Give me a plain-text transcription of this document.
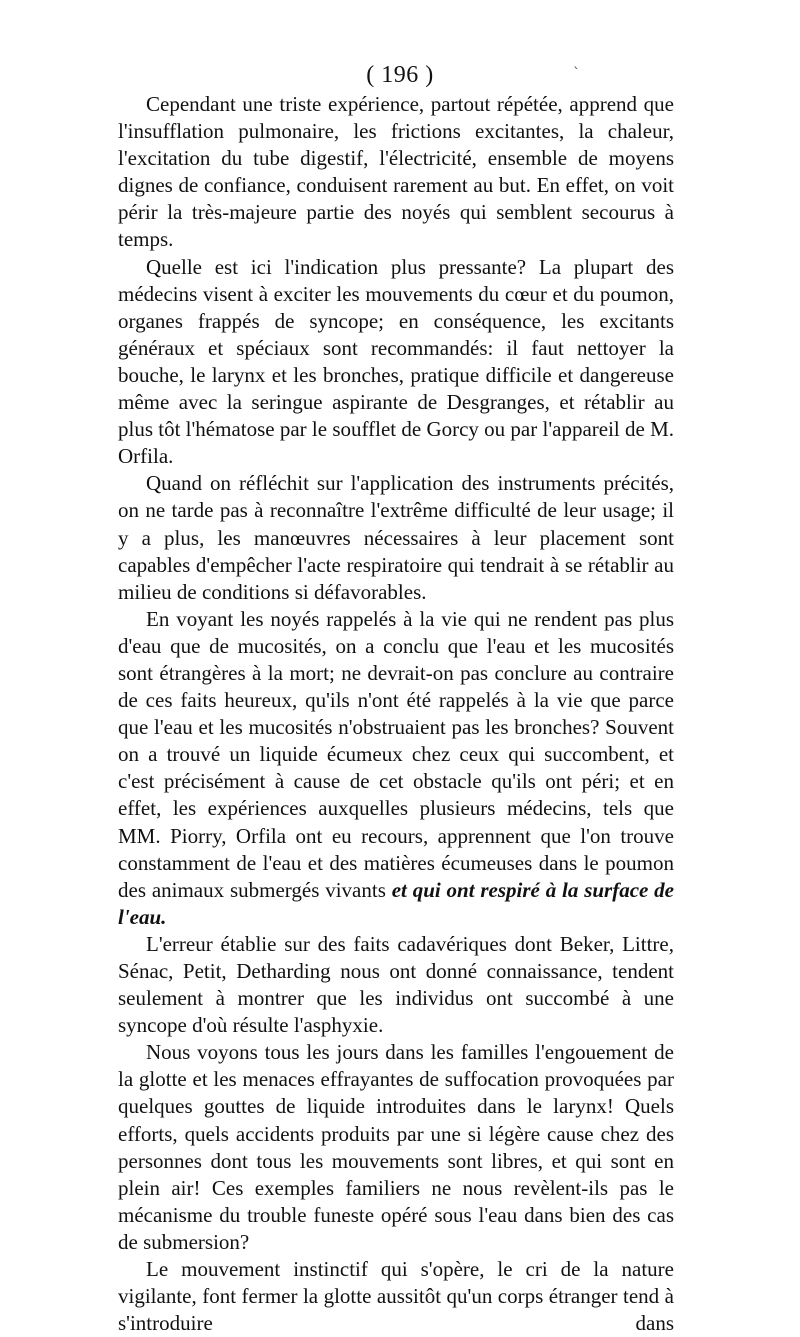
( 196 )	`

Cependant une triste expérience, partout répétée, apprend que l'insufflation pulmonaire, les frictions excitantes, la chaleur, l'excitation du tube digestif, l'électricité, ensemble de moyens dignes de confiance, conduisent rarement au but. En effet, on voit périr la très-majeure partie des noyés qui semblent secourus à temps.

Quelle est ici l'indication plus pressante? La plupart des médecins visent à exciter les mouvements du cœur et du poumon, organes frappés de syncope; en conséquence, les excitants généraux et spéciaux sont recommandés: il faut nettoyer la bouche, le larynx et les bronches, pratique difficile et dangereuse même avec la seringue aspirante de Desgranges, et rétablir au plus tôt l'hématose par le soufflet de Gorcy ou par l'appareil de M. Orfila.

Quand on réfléchit sur l'application des instruments précités, on ne tarde pas à reconnaître l'extrême difficulté de leur usage; il y a plus, les manœuvres nécessaires à leur placement sont capables d'empêcher l'acte respiratoire qui tendrait à se rétablir au milieu de conditions si défavorables.

En voyant les noyés rappelés à la vie qui ne rendent pas plus d'eau que de mucosités, on a conclu que l'eau et les mucosités sont étrangères à la mort; ne devrait-on pas conclure au contraire de ces faits heureux, qu'ils n'ont été rappelés à la vie que parce que l'eau et les mucosités n'obstruaient pas les bronches? Souvent on a trouvé un liquide écumeux chez ceux qui succombent, et c'est précisément à cause de cet obstacle qu'ils ont péri; et en effet, les expériences auxquelles plusieurs médecins, tels que MM. Piorry, Orfila ont eu recours, apprennent que l'on trouve constamment de l'eau et des matières écumeuses dans le poumon des animaux submergés vivants et qui ont respiré à la surface de l'eau.

L'erreur établie sur des faits cadavériques dont Beker, Littre, Sénac, Petit, Detharding nous ont donné connaissance, tendent seulement à montrer que les individus ont succombé à une syncope d'où résulte l'asphyxie.

Nous voyons tous les jours dans les familles l'engouement de la glotte et les menaces effrayantes de suffocation provoquées par quelques gouttes de liquide introduites dans le larynx! Quels efforts, quels accidents produits par une si légère cause chez des personnes dont tous les mouvements sont libres, et qui sont en plein air! Ces exemples familiers ne nous revèlent-ils pas le mécanisme du trouble funeste opéré sous l'eau dans bien des cas de submersion?

Le mouvement instinctif qui s'opère, le cri de la nature vigilante, font fermer la glotte aussitôt qu'un corps étranger tend à s'introduire dans
